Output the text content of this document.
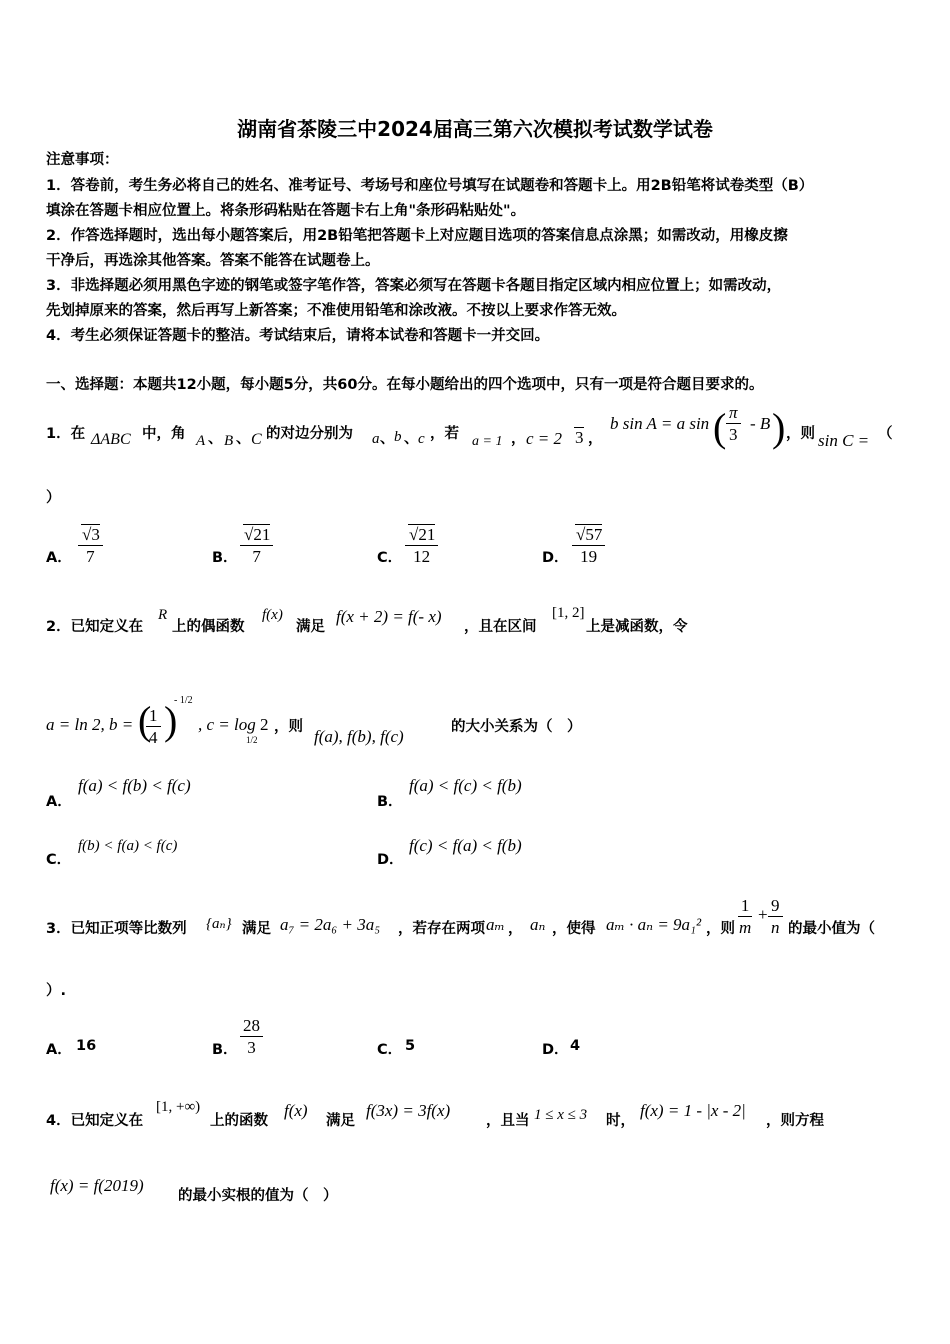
湖南省茶陵三中2024届高三第六次模拟考试数学试卷
注意事项：
1．答卷前，考生务必将自己的姓名、准考证号、考场号和座位号填写在试题卷和答题卡上。用2B铅笔将试卷类型（B）
填涂在答题卡相应位置上。将条形码粘贴在答题卡右上角"条形码粘贴处"。
2．作答选择题时，选出每小题答案后，用2B铅笔把答题卡上对应题目选项的答案信息点涂黑；如需改动，用橡皮擦
干净后，再选涂其他答案。答案不能答在试题卷上。
3．非选择题必须用黑色字迹的钢笔或签字笔作答，答案必须写在答题卡各题目指定区域内相应位置上；如需改动，
先划掉原来的答案，然后再写上新答案；不准使用铅笔和涂改液。不按以上要求作答无效。
4．考生必须保证答题卡的整洁。考试结束后，请将本试卷和答题卡一并交回。
一、选择题：本题共12小题，每小题5分，共60分。在每小题给出的四个选项中，只有一项是符合题目要求的。
1．在 ΔABC 中，角 A 、 B 、 C 的对边分别为 a 、 b 、 c ，若 a = 1 ， c = 2 3 ，
b sin A = a sin ( $\frac{\pi}{3}$ - B ) ，则 sin C = （
）
A． $\frac{√3}{7}$	B． $\frac{√21}{7}$	C． $\frac{√21}{12}$	D． $\frac{√57}{19}$
2．已知定义在
R
上的偶函数
f(x)
满足
f(x + 2) = f(- x)
，且在区间
[1, 2]
上是减函数，令
a = ln 2, b = (
$\frac{1}{4}$ )
- 1/2
, c = log
1/2
2 ，则 f(a), f(b), f(c)	的大小关系为（　）
A．
f(a) < f(b) < f(c)
B．
f(a) < f(c) < f(b)
C．
f(b) < f(a) < f(c)
D．
f(c) < f(a) < f(b)
3．已知正项等比数列 {aₙ} 满足 a₇ = 2a₆ + 3a₅ ，若存在两项 aₘ ， aₙ ，使得 aₘ · aₙ = 9a₁² ，则 $\frac{1}{m} + \frac{9}{n}$ 的最小值为（
）.
A． 16	B． $\frac{28}{3}$	C． 5	D． 4
4．已知定义在
[1, +∞)
上的函数
f(x)
满足
f(3x) = 3f(x)
，且当 1 ≤ x ≤ 3 时，
f(x) = 1 - |x - 2|
，则方程
f(x) = f(2019)
的最小实根的值为（　）
